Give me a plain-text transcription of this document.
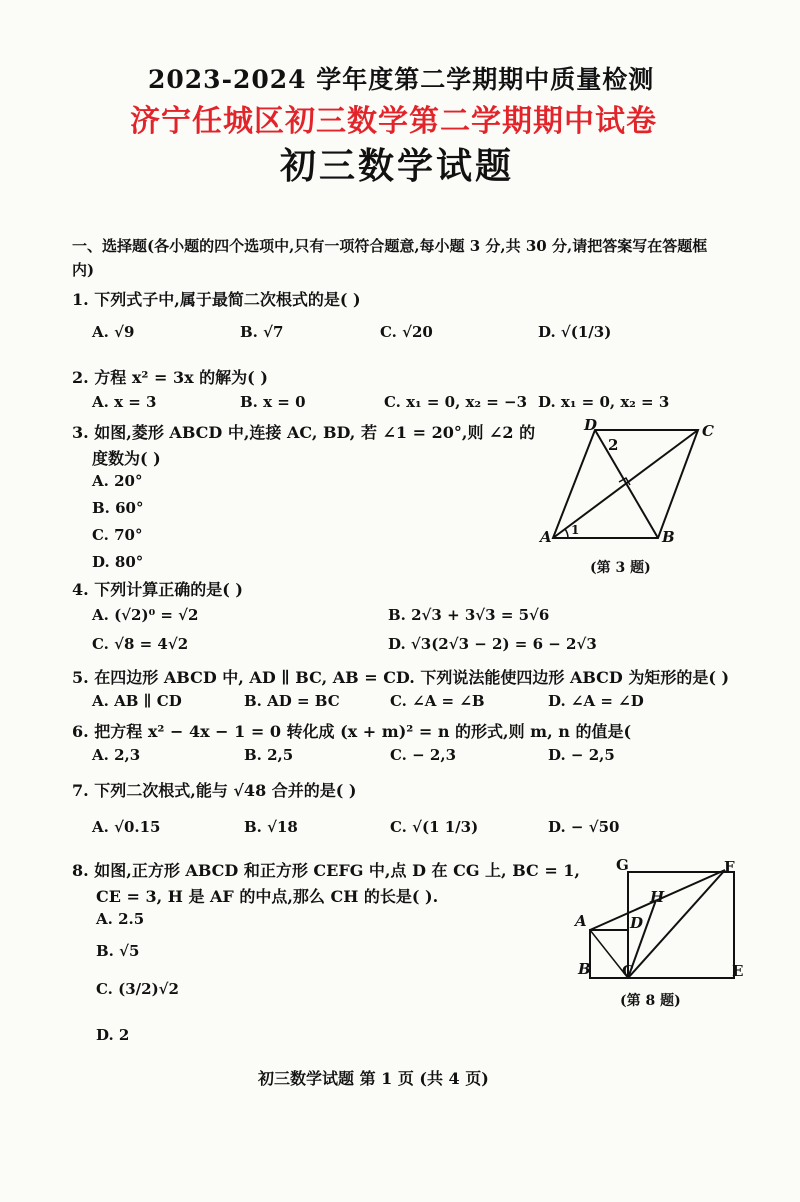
2023-2024 学年度第二学期期中质量检测
济宁任城区初三数学第二学期期中试卷
初三数学试题
一、选择题(各小题的四个选项中,只有一项符合题意,每小题 3 分,共 30 分,请把答案写在答题框内)
1. 下列式子中,属于最简二次根式的是( )
A. √9	B. √7	C. √20	D. √(1/3)
2. 方程 x² = 3x 的解为( )
A. x = 3	B. x = 0	C. x₁ = 0, x₂ = −3 D. x₁ = 0, x₂ = 3
3. 如图,菱形 ABCD 中,连接 AC, BD, 若 ∠1 = 20°,则 ∠2 的
度数为( )
A. 20°
B. 60°
C. 70°
D. 80°
D	C
A	B
1
2
(第 3 题)
4. 下列计算正确的是( )
A. (√2)⁰ = √2	B. 2√3 + 3√3 = 5√6
C. √8 = 4√2	D. √3(2√3 − 2) = 6 − 2√3
5. 在四边形 ABCD 中, AD ∥ BC, AB = CD. 下列说法能使四边形 ABCD 为矩形的是( )
A. AB ∥ CD	B. AD = BC	C. ∠A = ∠B	D. ∠A = ∠D
6. 把方程 x² − 4x − 1 = 0 转化成 (x + m)² = n 的形式,则 m, n 的值是(
A. 2,3	B. 2,5	C. − 2,3	D. − 2,5
7. 下列二次根式,能与 √48 合并的是( )
A. √0.15	B. √18	C. √(1 1/3)	D. − √50
8. 如图,正方形 ABCD 和正方形 CEFG 中,点 D 在 CG 上, BC = 1,
CE = 3, H 是 AF 的中点,那么 CH 的长是( ).
A. 2.5
B. √5
C. (3/2)√2
D. 2
G	F
H
A	D
B C	E
(第 8 题)
初三数学试题 第 1 页 (共 4 页)
